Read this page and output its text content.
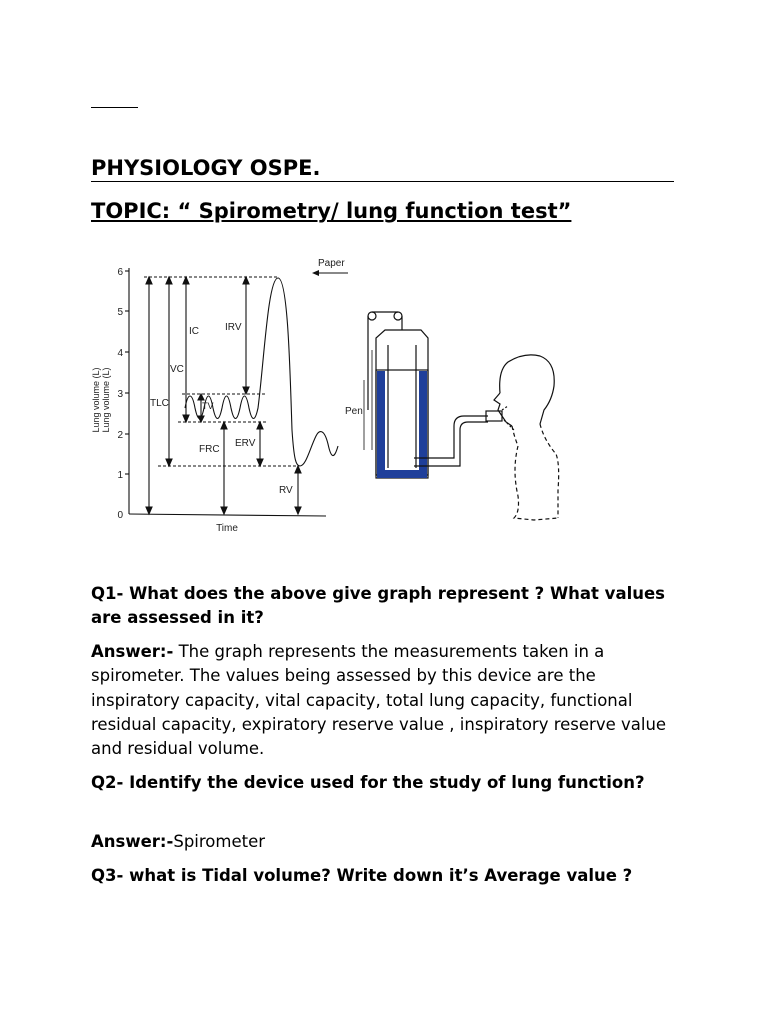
PHYSIOLOGY OSPE.
TOPIC: “ Spirometry/ lung function test”
0
1
2
3
4
5
6
Lung volume (L) Lung volume (L)
Time
TLC
VC
IC	IRV
TV
ERV
FRC
RV
Paper
Pen
Q1- What does the above give graph represent ? What values are assessed in it?
Answer:- The graph represents the measurements taken in a spirometer. The values being assessed by this device are the inspiratory capacity, vital capacity, total lung capacity, functional residual capacity, expiratory reserve value , inspiratory reserve value and residual volume.
Q2- Identify the device used for the study of lung function?
Answer:-Spirometer
Q3- what is Tidal volume? Write down it’s Average value ?
